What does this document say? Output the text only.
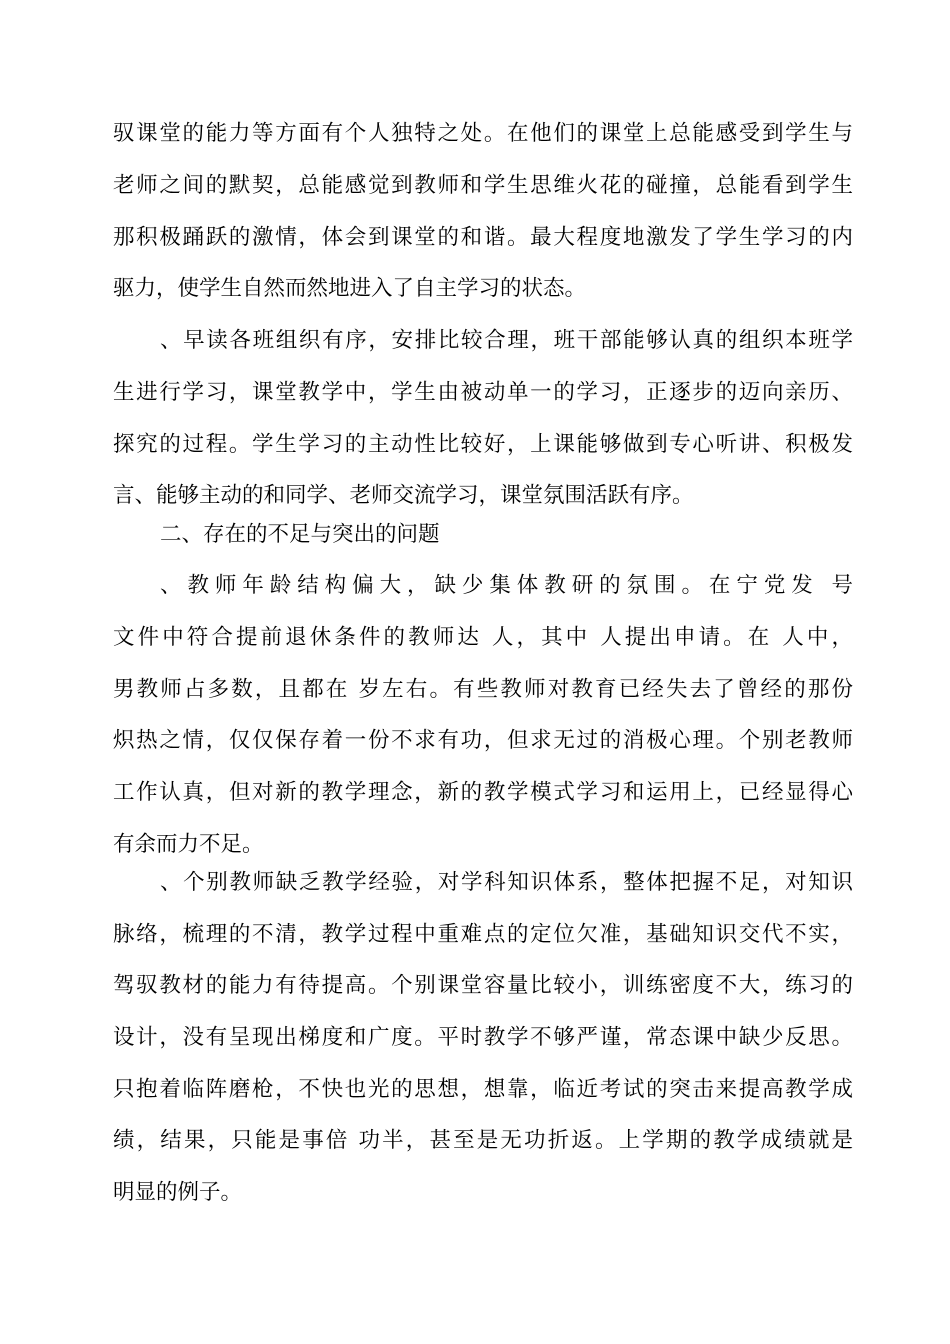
驭课堂的能力等方面有个人独特之处。在他们的课堂上总能感受到学生与
老师之间的默契，总能感觉到教师和学生思维火花的碰撞，总能看到学生
那积极踊跃的激情，体会到课堂的和谐。最大程度地激发了学生学习的内
驱力，使学生自然而然地进入了自主学习的状态。
、早读各班组织有序，安排比较合理，班干部能够认真的组织本班学
生进行学习，课堂教学中，学生由被动单一的学习，正逐步的迈向亲历、
探究的过程。学生学习的主动性比较好，上课能够做到专心听讲、积极发
言、能够主动的和同学、老师交流学习，课堂氛围活跃有序。
二、存在的不足与突出的问题
、教师年龄结构偏大，缺少集体教研的氛围。在宁党发 号
文件中符合提前退休条件的教师达 人，其中 人提出申请。在 人中，
男教师占多数，且都在 岁左右。有些教师对教育已经失去了曾经的那份
炽热之情，仅仅保存着一份不求有功，但求无过的消极心理。个别老教师
工作认真，但对新的教学理念，新的教学模式学习和运用上，已经显得心
有余而力不足。
、个别教师缺乏教学经验，对学科知识体系，整体把握不足，对知识
脉络，梳理的不清，教学过程中重难点的定位欠准，基础知识交代不实，
驾驭教材的能力有待提高。个别课堂容量比较小，训练密度不大，练习的
设计，没有呈现出梯度和广度。平时教学不够严谨，常态课中缺少反思。
只抱着临阵磨枪，不快也光的思想，想靠，临近考试的突击来提高教学成
绩，结果，只能是事倍 功半，甚至是无功折返。上学期的教学成绩就是
明显的例子。
